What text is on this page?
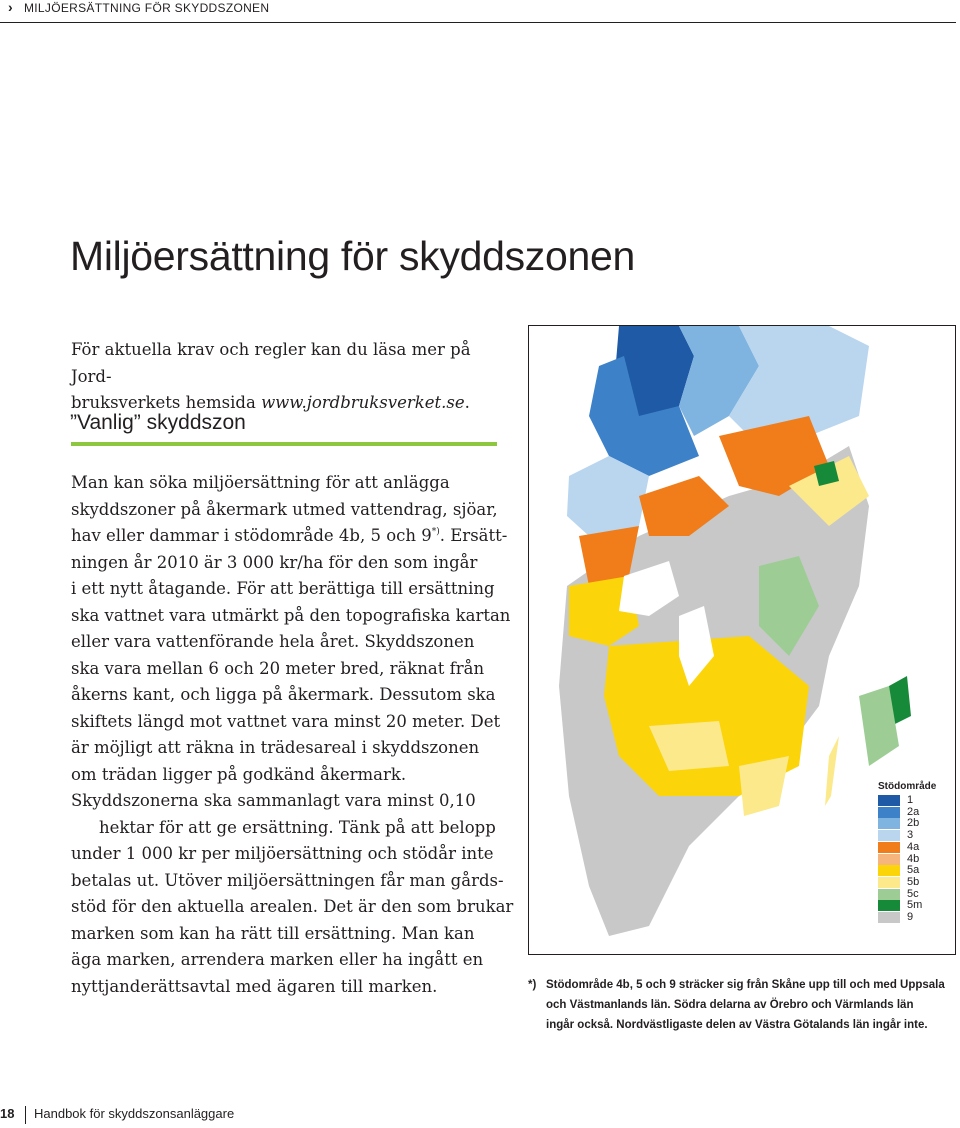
› MILJÖERSÄTTNING FÖR SKYDDSZONEN
Miljöersättning för skyddszonen

För aktuella krav och regler kan du läsa mer på Jord-
bruksverkets hemsida www.jordbruksverket.se.

”Vanlig” skyddszon

Man kan söka miljöersättning för att anlägga

skyddszoner på åkermark utmed vattendrag, sjöar,

hav eller dammar i stödområde 4b, 5 och 9*). Ersätt-

ningen år 2010 är 3 000 kr/ha för den som ingår

i ett nytt åtagande. För att berättiga till ersättning

ska vattnet vara utmärkt på den topografiska kartan

eller vara vattenförande hela året. Skyddszonen

ska vara mellan 6 och 20 meter bred, räknat från

åkerns kant, och ligga på åkermark. Dessutom ska

skiftets längd mot vattnet vara minst 20 meter. Det

är möjligt att räkna in trädesareal i skyddszonen

om trädan ligger på godkänd åkermark.

Skyddszonerna ska sammanlagt vara minst 0,10

hektar för att ge ersättning. Tänk på att belopp

under 1 000 kr per miljöersättning och stödår inte

betalas ut. Utöver miljöersättningen får man gårds-

stöd för den aktuella arealen. Det är den som brukar

marken som kan ha rätt till ersättning. Man kan

äga marken, arrendera marken eller ha ingått en

nyttjanderättsavtal med ägaren till marken.

Stödområde
1
2a
2b
3
4a
4b
5a
5b
5c
5m
9
*) Stödområde 4b, 5 och 9 sträcker sig från Skåne upp till och med Uppsala
och Västmanlands län. Södra delarna av Örebro och Värmlands län
ingår också. Nordvästligaste delen av Västra Götalands län ingår inte.
18 Handbok för skyddszonsanläggare
